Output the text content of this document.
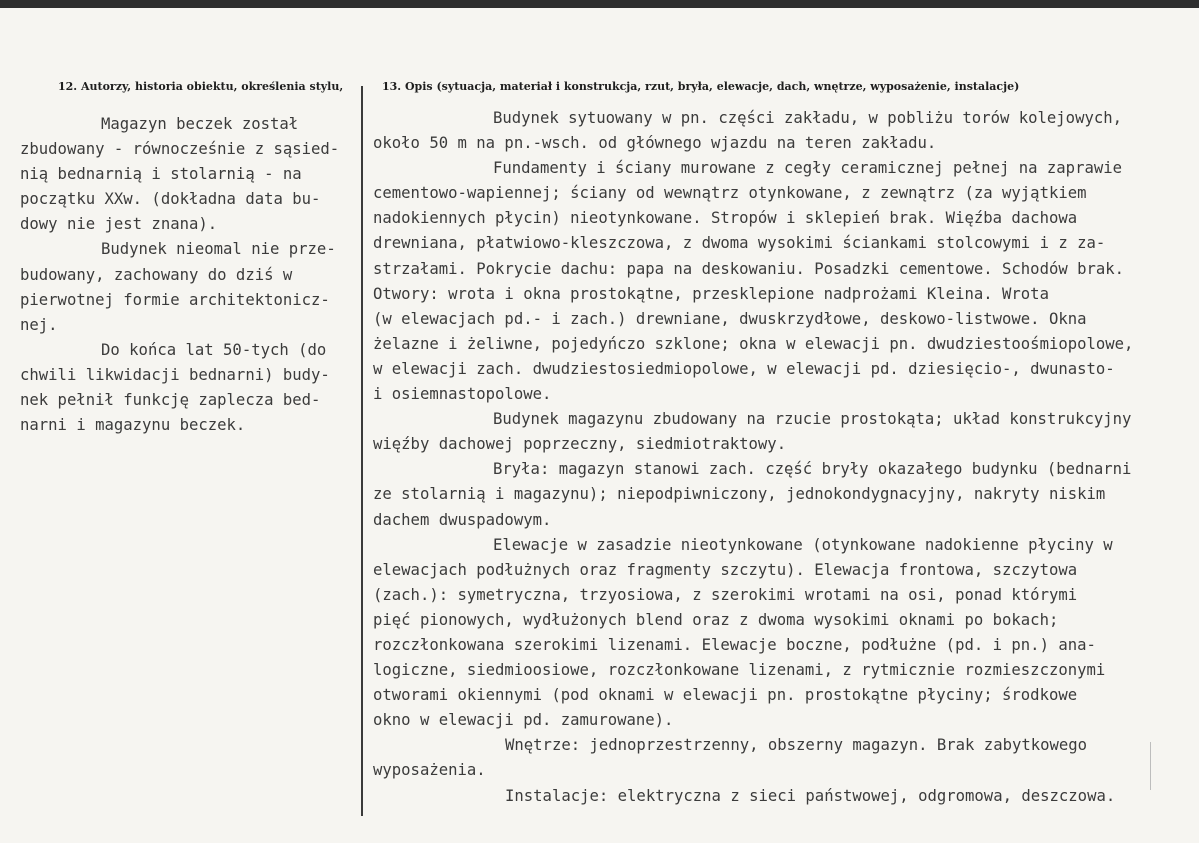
12. Autorzy, historia obiektu, określenia stylu,	13. Opis (sytuacja, materiał i konstrukcja, rzut, bryła, elewacje, dach, wnętrze, wyposażenie, instalacje)
Magazyn beczek został
zbudowany - równocześnie z sąsied-
nią bednarnią i stolarnią - na
początku XXw. (dokładna data bu-
dowy nie jest znana).
Budynek nieomal nie prze-
budowany, zachowany do dziś w
pierwotnej formie architektonicz-
nej.
Do końca lat 50-tych (do
chwili likwidacji bednarni) budy-
nek pełnił funkcję zaplecza bed-
narni i magazynu beczek.
Budynek sytuowany w pn. części zakładu, w pobliżu torów kolejowych,
około 50 m na pn.-wsch. od głównego wjazdu na teren zakładu.
Fundamenty i ściany murowane z cegły ceramicznej pełnej na zaprawie
cementowo-wapiennej; ściany od wewnątrz otynkowane, z zewnątrz (za wyjątkiem
nadokiennych płycin) nieotynkowane. Stropów i sklepień brak. Więźba dachowa
drewniana, płatwiowo-kleszczowa, z dwoma wysokimi ściankami stolcowymi i z za-
strzałami. Pokrycie dachu: papa na deskowaniu. Posadzki cementowe. Schodów brak.
Otwory: wrota i okna prostokątne, przesklepione nadprożami Kleina. Wrota
(w elewacjach pd.- i zach.) drewniane, dwuskrzydłowe, deskowo-listwowe. Okna
żelazne i żeliwne, pojedyńczo szklone; okna w elewacji pn. dwudziestoośmiopolowe,
w elewacji zach. dwudziestosiedmiopolowe, w elewacji pd. dziesięcio-, dwunasto-
i osiemnastopolowe.
Budynek magazynu zbudowany na rzucie prostokąta; układ konstrukcyjny
więźby dachowej poprzeczny, siedmiotraktowy.
Bryła: magazyn stanowi zach. część bryły okazałego budynku (bednarni
ze stolarnią i magazynu); niepodpiwniczony, jednokondygnacyjny, nakryty niskim
dachem dwuspadowym.
Elewacje w zasadzie nieotynkowane (otynkowane nadokienne płyciny w
elewacjach podłużnych oraz fragmenty szczytu). Elewacja frontowa, szczytowa
(zach.): symetryczna, trzyosiowa, z szerokimi wrotami na osi, ponad którymi
pięć pionowych, wydłużonych blend oraz z dwoma wysokimi oknami po bokach;
rozczłonkowana szerokimi lizenami. Elewacje boczne, podłużne (pd. i pn.) ana-
logiczne, siedmioosiowe, rozczłonkowane lizenami, z rytmicznie rozmieszczonymi
otworami okiennymi (pod oknami w elewacji pn. prostokątne płyciny; środkowe
okno w elewacji pd. zamurowane).
Wnętrze: jednoprzestrzenny, obszerny magazyn. Brak zabytkowego
wyposażenia.
Instalacje: elektryczna z sieci państwowej, odgromowa, deszczowa.
